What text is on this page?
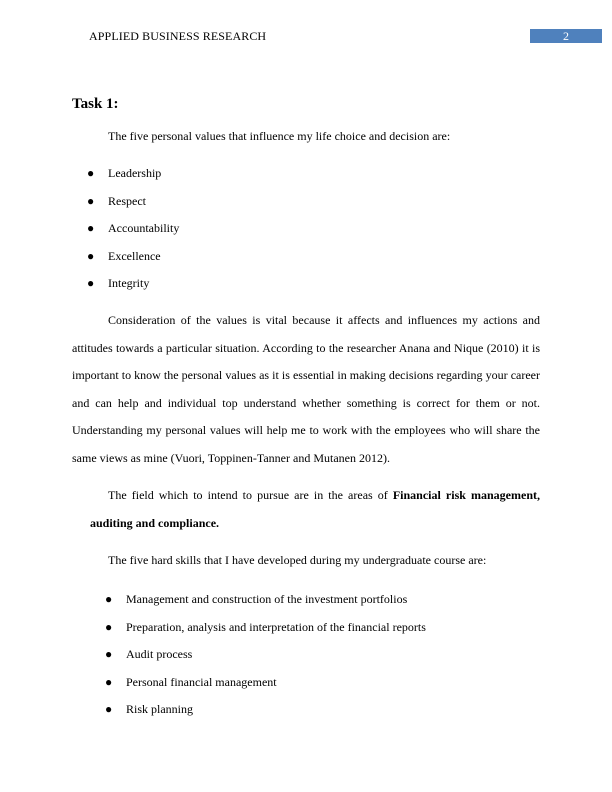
APPLIED BUSINESS RESEARCH	2
Task 1:
The five personal values that influence my life choice and decision are:
● Leadership
● Respect
● Accountability
● Excellence
● Integrity

Consideration of the values is vital because it affects and influences my actions and attitudes towards a particular situation. According to the researcher Anana and Nique (2010) it is important to know the personal values as it is essential in making decisions regarding your career and can help and individual top understand whether something is correct for them or not. Understanding my personal values will help me to work with the employees who will share the same views as mine (Vuori, Toppinen-Tanner and Mutanen 2012).

The field which to intend to pursue are in the areas of Financial risk management, auditing and compliance.

The five hard skills that I have developed during my undergraduate course are:

● Management and construction of the investment portfolios
● Preparation, analysis and interpretation of the financial reports
● Audit process
● Personal financial management
● Risk planning
